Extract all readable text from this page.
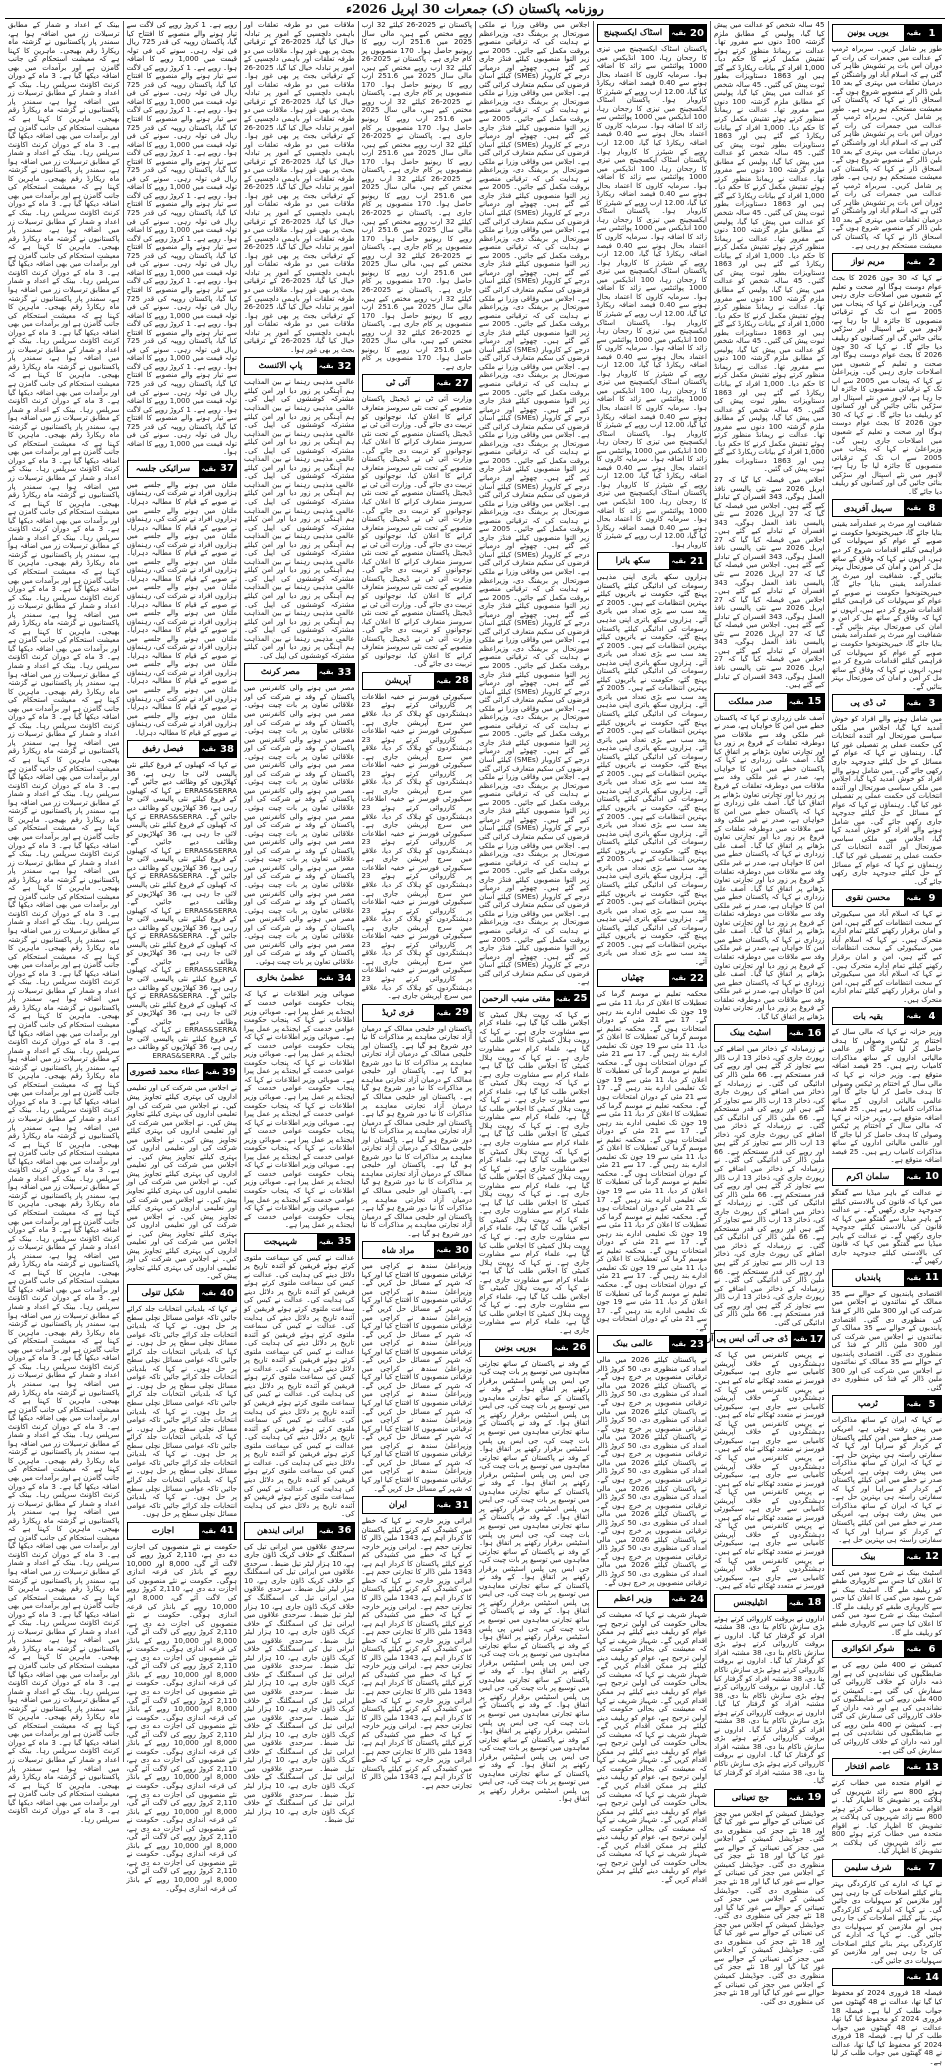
روزنامہ پاکستان (ک) جمعرات 30 اپریل 2026ء
1
بقیہ
یورپی یونین
طور پر شامل کریں۔ سربراہ ٹرمپ کے عدالت میں جمعرات کی رات کے دوران اس بات پر تشویش ظاہر کی گئی ہے کہ اسلام آباد اور واشنگٹن کے درمیان تعلقات میں بہتری کے بعد 10 بلین ڈالر کے منصوبے شروع ہوں گے۔ اسحاق ڈار نے کہا کہ پاکستان کی معیشت مستحکم ہو رہی ہے۔ طور پر شامل کریں۔ سربراہ ٹرمپ کے عدالت میں جمعرات کی رات کے دوران اس بات پر تشویش ظاہر کی گئی ہے کہ اسلام آباد اور واشنگٹن کے درمیان تعلقات میں بہتری کے بعد 10 بلین ڈالر کے منصوبے شروع ہوں گے۔ اسحاق ڈار نے کہا کہ پاکستان کی معیشت مستحکم ہو رہی ہے۔ طور پر شامل کریں۔ سربراہ ٹرمپ کے عدالت میں جمعرات کی رات کے دوران اس بات پر تشویش ظاہر کی گئی ہے کہ اسلام آباد اور واشنگٹن کے درمیان تعلقات میں بہتری کے بعد 10 بلین ڈالر کے منصوبے شروع ہوں گے۔ اسحاق ڈار نے کہا کہ پاکستان کی معیشت مستحکم ہو رہی ہے۔
2
بقیہ
مریم نواز
نے کہا کہ 30 جون 2026 کا بجٹ عوام دوست ہوگا اور صحت و تعلیم کے شعبوں میں اصلاحات جاری رہیں گی۔ وزیراعلیٰ نے کہا کہ پنجاب میں 2005 سے اب تک کے ترقیاتی منصوبوں کا جائزہ لیا جا رہا ہے، لاہور میں نئے اسپتال اور سڑکیں بنائی جائیں گی اور کسانوں کو ریلیف دیا جائے گا۔ نے کہا کہ 30 جون 2026 کا بجٹ عوام دوست ہوگا اور صحت و تعلیم کے شعبوں میں اصلاحات جاری رہیں گی۔ وزیراعلیٰ نے کہا کہ پنجاب میں 2005 سے اب تک کے ترقیاتی منصوبوں کا جائزہ لیا جا رہا ہے، لاہور میں نئے اسپتال اور سڑکیں بنائی جائیں گی اور کسانوں کو ریلیف دیا جائے گا۔ نے کہا کہ 30 جون 2026 کا بجٹ عوام دوست ہوگا اور صحت و تعلیم کے شعبوں میں اصلاحات جاری رہیں گی۔ وزیراعلیٰ نے کہا کہ پنجاب میں 2005 سے اب تک کے ترقیاتی منصوبوں کا جائزہ لیا جا رہا ہے، لاہور میں نئے اسپتال اور سڑکیں بنائی جائیں گی اور کسانوں کو ریلیف دیا جائے گا۔
8
بقیہ
سہیل آفریدی
شفافیت اور میرٹ پر عملدرآمد یقینی بنایا جائے گا، خیبرپختونخوا حکومت نے صوبے کے عوام کو سہولیات کی فراہمی کیلئے اقدامات شروع کر دیے ہیں، انہوں نے کہا کہ وفاق کے ساتھ مل کر امن و امان کی صورتحال بہتر بنائیں گے۔ شفافیت اور میرٹ پر عملدرآمد یقینی بنایا جائے گا، خیبرپختونخوا حکومت نے صوبے کے عوام کو سہولیات کی فراہمی کیلئے اقدامات شروع کر دیے ہیں، انہوں نے کہا کہ وفاق کے ساتھ مل کر امن و امان کی صورتحال بہتر بنائیں گے۔ شفافیت اور میرٹ پر عملدرآمد یقینی بنایا جائے گا، خیبرپختونخوا حکومت نے صوبے کے عوام کو سہولیات کی فراہمی کیلئے اقدامات شروع کر دیے ہیں، انہوں نے کہا کہ وفاق کے ساتھ مل کر امن و امان کی صورتحال بہتر بنائیں گے۔
3
بقیہ
ٹی ڈی پی
میں شامل ہونے والے افراد کو خوش آمدید کہا گیا، اجلاس میں ملکی سیاسی صورتحال اور آئندہ انتخابات کی حکمت عملی پر تفصیلی غور کیا گیا۔ رہنماؤں نے کہا کہ عوام کے مسائل کے حل کیلئے جدوجہد جاری رکھی جائے گی۔ میں شامل ہونے والے افراد کو خوش آمدید کہا گیا، اجلاس میں ملکی سیاسی صورتحال اور آئندہ انتخابات کی حکمت عملی پر تفصیلی غور کیا گیا۔ رہنماؤں نے کہا کہ عوام کے مسائل کے حل کیلئے جدوجہد جاری رکھی جائے گی۔ میں شامل ہونے والے افراد کو خوش آمدید کہا گیا، اجلاس میں ملکی سیاسی صورتحال اور آئندہ انتخابات کی حکمت عملی پر تفصیلی غور کیا گیا۔ رہنماؤں نے کہا کہ عوام کے مسائل کے حل کیلئے جدوجہد جاری رکھی جائے گی۔
9
بقیہ
محسن نقوی
نے کہا کہ اسلام آباد میں سیکیورٹی کے سخت انتظامات کیے گئے ہیں، امن و امان برقرار رکھنے کیلئے تمام ادارے متحرک ہیں۔ نے کہا کہ اسلام آباد میں سیکیورٹی کے سخت انتظامات کیے گئے ہیں، امن و امان برقرار رکھنے کیلئے تمام ادارے متحرک ہیں۔ نے کہا کہ اسلام آباد میں سیکیورٹی کے سخت انتظامات کیے گئے ہیں، امن و امان برقرار رکھنے کیلئے تمام ادارے متحرک ہیں۔
4
بقیہ
بقیہ بات
وزیر خزانہ نے کہا کہ مالی سال کے اختتام پر ٹیکس وصولی کا ہدف حاصل کر لیا جائے گا اور عالمی مالیاتی اداروں کے ساتھ مذاکرات کامیاب رہے ہیں۔ 25 فیصد اضافہ متوقع ہے۔ وزیر خزانہ نے کہا کہ مالی سال کے اختتام پر ٹیکس وصولی کا ہدف حاصل کر لیا جائے گا اور عالمی مالیاتی اداروں کے ساتھ مذاکرات کامیاب رہے ہیں۔ 25 فیصد اضافہ متوقع ہے۔ وزیر خزانہ نے کہا کہ مالی سال کے اختتام پر ٹیکس وصولی کا ہدف حاصل کر لیا جائے گا اور عالمی مالیاتی اداروں کے ساتھ مذاکرات کامیاب رہے ہیں۔ 25 فیصد اضافہ متوقع ہے۔
10
بقیہ
سلمان اکرم
نے عدالت کے باہر میڈیا سے گفتگو میں کہا کہ قانون کی بالادستی کیلئے جدوجہد جاری رکھیں گے۔ نے عدالت کے باہر میڈیا سے گفتگو میں کہا کہ قانون کی بالادستی کیلئے جدوجہد جاری رکھیں گے۔ نے عدالت کے باہر میڈیا سے گفتگو میں کہا کہ قانون کی بالادستی کیلئے جدوجہد جاری رکھیں گے۔
11
بقیہ
پابندیاں
اقتصادی پابندیوں کے حوالے سے 35 ممالک کے نمائندوں نے اجلاس میں شرکت کی اور 300 ملین ڈالر کے فنڈ کی منظوری دی گئی۔ اقتصادی پابندیوں کے حوالے سے 35 ممالک کے نمائندوں نے اجلاس میں شرکت کی اور 300 ملین ڈالر کے فنڈ کی منظوری دی گئی۔ اقتصادی پابندیوں کے حوالے سے 35 ممالک کے نمائندوں نے اجلاس میں شرکت کی اور 300 ملین ڈالر کے فنڈ کی منظوری دی گئی۔
5
بقیہ
ٹرمپ
نے کہا کہ ایران کے ساتھ مذاکرات میں پیش رفت ہوئی ہے، امریکی صدر نے خطے میں امن کیلئے پاکستان کے کردار کو سراہا اور کہا کہ سفارتی راستہ ہی بہترین حل ہے۔ نے کہا کہ ایران کے ساتھ مذاکرات میں پیش رفت ہوئی ہے، امریکی صدر نے خطے میں امن کیلئے پاکستان کے کردار کو سراہا اور کہا کہ سفارتی راستہ ہی بہترین حل ہے۔ نے کہا کہ ایران کے ساتھ مذاکرات میں پیش رفت ہوئی ہے، امریکی صدر نے خطے میں امن کیلئے پاکستان کے کردار کو سراہا اور کہا کہ سفارتی راستہ ہی بہترین حل ہے۔
12
بقیہ
بینک
اسٹیٹ بینک نے شرح سود میں کمی کا اعلان کیا جس سے کاروباری طبقے کو ریلیف ملے گا۔ اسٹیٹ بینک نے شرح سود میں کمی کا اعلان کیا جس سے کاروباری طبقے کو ریلیف ملے گا۔ اسٹیٹ بینک نے شرح سود میں کمی کا اعلان کیا جس سے کاروباری طبقے کو ریلیف ملے گا۔
6
بقیہ
شوگر انکوائری
کمیشن نے 400 ملین روپے کی بے ضابطگیوں کی نشاندہی کی ہے اور ذمہ داران کے خلاف کارروائی کی سفارش کی گئی ہے۔ کمیشن نے 400 ملین روپے کی بے ضابطگیوں کی نشاندہی کی ہے اور ذمہ داران کے خلاف کارروائی کی سفارش کی گئی ہے۔ کمیشن نے 400 ملین روپے کی بے ضابطگیوں کی نشاندہی کی ہے اور ذمہ داران کے خلاف کارروائی کی سفارش کی گئی ہے۔
13
بقیہ
عاصم افتخار
نے اقوام متحدہ میں خطاب کرتے ہوئے 800 سے زائد شہریوں کی ہلاکت پر تشویش کا اظہار کیا۔ نے اقوام متحدہ میں خطاب کرتے ہوئے 800 سے زائد شہریوں کی ہلاکت پر تشویش کا اظہار کیا۔ نے اقوام متحدہ میں خطاب کرتے ہوئے 800 سے زائد شہریوں کی ہلاکت پر تشویش کا اظہار کیا۔
7
بقیہ
شرف سلیمن
نے کہا کہ ادارے کی کارکردگی بہتر بنانے کیلئے اصلاحات کی جا رہی ہیں اور ملازمین کو سہولیات دی جائیں گی۔ نے کہا کہ ادارے کی کارکردگی بہتر بنانے کیلئے اصلاحات کی جا رہی ہیں اور ملازمین کو سہولیات دی جائیں گی۔ نے کہا کہ ادارے کی کارکردگی بہتر بنانے کیلئے اصلاحات کی جا رہی ہیں اور ملازمین کو سہولیات دی جائیں گی۔
14
بقیہ
فیصلہ 18 فروری 2024 کو محفوظ کیا گیا تھا، عدالت نے 48 گھنٹوں میں جواب طلب کر لیا ہے۔ فیصلہ 18 فروری 2024 کو محفوظ کیا گیا تھا، عدالت نے 48 گھنٹوں میں جواب طلب کر لیا ہے۔ فیصلہ 18 فروری 2024 کو محفوظ کیا گیا تھا، عدالت نے 48 گھنٹوں میں جواب طلب کر لیا ہے۔
45 سالہ شخص کو عدالت میں پیش کیا گیا، پولیس کے مطابق ملزم گزشتہ 100 دنوں سے مفرور تھا۔ عدالت نے ریمانڈ منظور کرتے ہوئے تفتیش مکمل کرنے کا حکم دیا۔ 1,000 افراد کے بیانات ریکارڈ کیے گئے ہیں اور 1863 دستاویزات بطور ثبوت پیش کی گئیں۔ 45 سالہ شخص کو عدالت میں پیش کیا گیا، پولیس کے مطابق ملزم گزشتہ 100 دنوں سے مفرور تھا۔ عدالت نے ریمانڈ منظور کرتے ہوئے تفتیش مکمل کرنے کا حکم دیا۔ 1,000 افراد کے بیانات ریکارڈ کیے گئے ہیں اور 1863 دستاویزات بطور ثبوت پیش کی گئیں۔ 45 سالہ شخص کو عدالت میں پیش کیا گیا، پولیس کے مطابق ملزم گزشتہ 100 دنوں سے مفرور تھا۔ عدالت نے ریمانڈ منظور کرتے ہوئے تفتیش مکمل کرنے کا حکم دیا۔ 1,000 افراد کے بیانات ریکارڈ کیے گئے ہیں اور 1863 دستاویزات بطور ثبوت پیش کی گئیں۔ 45 سالہ شخص کو عدالت میں پیش کیا گیا، پولیس کے مطابق ملزم گزشتہ 100 دنوں سے مفرور تھا۔ عدالت نے ریمانڈ منظور کرتے ہوئے تفتیش مکمل کرنے کا حکم دیا۔ 1,000 افراد کے بیانات ریکارڈ کیے گئے ہیں اور 1863 دستاویزات بطور ثبوت پیش کی گئیں۔ 45 سالہ شخص کو عدالت میں پیش کیا گیا، پولیس کے مطابق ملزم گزشتہ 100 دنوں سے مفرور تھا۔ عدالت نے ریمانڈ منظور کرتے ہوئے تفتیش مکمل کرنے کا حکم دیا۔ 1,000 افراد کے بیانات ریکارڈ کیے گئے ہیں اور 1863 دستاویزات بطور ثبوت پیش کی گئیں۔ 45 سالہ شخص کو عدالت میں پیش کیا گیا، پولیس کے مطابق ملزم گزشتہ 100 دنوں سے مفرور تھا۔ عدالت نے ریمانڈ منظور کرتے ہوئے تفتیش مکمل کرنے کا حکم دیا۔ 1,000 افراد کے بیانات ریکارڈ کیے گئے ہیں اور 1863 دستاویزات بطور ثبوت پیش کی گئیں۔ 45 سالہ شخص کو عدالت میں پیش کیا گیا، پولیس کے مطابق ملزم گزشتہ 100 دنوں سے مفرور تھا۔ عدالت نے ریمانڈ منظور کرتے ہوئے تفتیش مکمل کرنے کا حکم دیا۔ 1,000 افراد کے بیانات ریکارڈ کیے گئے ہیں اور 1863 دستاویزات بطور ثبوت پیش کی گئیں۔
اجلاس میں فیصلہ کیا گیا کہ 27 اپریل 2026 سے نئی پالیسی نافذ العمل ہوگی، 343 افسران کے تبادلے کیے گئے ہیں۔ اجلاس میں فیصلہ کیا گیا کہ 27 اپریل 2026 سے نئی پالیسی نافذ العمل ہوگی، 343 افسران کے تبادلے کیے گئے ہیں۔ اجلاس میں فیصلہ کیا گیا کہ 27 اپریل 2026 سے نئی پالیسی نافذ العمل ہوگی، 343 افسران کے تبادلے کیے گئے ہیں۔ اجلاس میں فیصلہ کیا گیا کہ 27 اپریل 2026 سے نئی پالیسی نافذ العمل ہوگی، 343 افسران کے تبادلے کیے گئے ہیں۔ اجلاس میں فیصلہ کیا گیا کہ 27 اپریل 2026 سے نئی پالیسی نافذ العمل ہوگی، 343 افسران کے تبادلے کیے گئے ہیں۔ اجلاس میں فیصلہ کیا گیا کہ 27 اپریل 2026 سے نئی پالیسی نافذ العمل ہوگی، 343 افسران کے تبادلے کیے گئے ہیں۔ اجلاس میں فیصلہ کیا گیا کہ 27 اپریل 2026 سے نئی پالیسی نافذ العمل ہوگی، 343 افسران کے تبادلے کیے گئے ہیں۔
15
بقیہ
صدر مملکت
آصف علی زرداری نے کہا کہ پاکستان خطے میں امن کا خواہاں ہے، صدر نے غیر ملکی وفد سے ملاقات میں دوطرفہ تعلقات کے فروغ پر زور دیا اور تجارتی تعاون بڑھانے پر اتفاق کیا گیا۔ آصف علی زرداری نے کہا کہ پاکستان خطے میں امن کا خواہاں ہے، صدر نے غیر ملکی وفد سے ملاقات میں دوطرفہ تعلقات کے فروغ پر زور دیا اور تجارتی تعاون بڑھانے پر اتفاق کیا گیا۔ آصف علی زرداری نے کہا کہ پاکستان خطے میں امن کا خواہاں ہے، صدر نے غیر ملکی وفد سے ملاقات میں دوطرفہ تعلقات کے فروغ پر زور دیا اور تجارتی تعاون بڑھانے پر اتفاق کیا گیا۔ آصف علی زرداری نے کہا کہ پاکستان خطے میں امن کا خواہاں ہے، صدر نے غیر ملکی وفد سے ملاقات میں دوطرفہ تعلقات کے فروغ پر زور دیا اور تجارتی تعاون بڑھانے پر اتفاق کیا گیا۔ آصف علی زرداری نے کہا کہ پاکستان خطے میں امن کا خواہاں ہے، صدر نے غیر ملکی وفد سے ملاقات میں دوطرفہ تعلقات کے فروغ پر زور دیا اور تجارتی تعاون بڑھانے پر اتفاق کیا گیا۔ آصف علی زرداری نے کہا کہ پاکستان خطے میں امن کا خواہاں ہے، صدر نے غیر ملکی وفد سے ملاقات میں دوطرفہ تعلقات کے فروغ پر زور دیا اور تجارتی تعاون بڑھانے پر اتفاق کیا گیا۔ آصف علی زرداری نے کہا کہ پاکستان خطے میں امن کا خواہاں ہے، صدر نے غیر ملکی وفد سے ملاقات میں دوطرفہ تعلقات کے فروغ پر زور دیا اور تجارتی تعاون بڑھانے پر اتفاق کیا گیا۔
16
بقیہ
اسٹیٹ بینک
نے زرمبادلہ کے ذخائر میں اضافے کی رپورٹ جاری کی، ذخائر 13 ارب ڈالر سے تجاوز کر گئے ہیں اور روپے کی قدر مستحکم ہے۔ 66 ملین ڈالر کی ادائیگی کی گئی۔ نے زرمبادلہ کے ذخائر میں اضافے کی رپورٹ جاری کی، ذخائر 13 ارب ڈالر سے تجاوز کر گئے ہیں اور روپے کی قدر مستحکم ہے۔ 66 ملین ڈالر کی ادائیگی کی گئی۔ نے زرمبادلہ کے ذخائر میں اضافے کی رپورٹ جاری کی، ذخائر 13 ارب ڈالر سے تجاوز کر گئے ہیں اور روپے کی قدر مستحکم ہے۔ 66 ملین ڈالر کی ادائیگی کی گئی۔ نے زرمبادلہ کے ذخائر میں اضافے کی رپورٹ جاری کی، ذخائر 13 ارب ڈالر سے تجاوز کر گئے ہیں اور روپے کی قدر مستحکم ہے۔ 66 ملین ڈالر کی ادائیگی کی گئی۔ نے زرمبادلہ کے ذخائر میں اضافے کی رپورٹ جاری کی، ذخائر 13 ارب ڈالر سے تجاوز کر گئے ہیں اور روپے کی قدر مستحکم ہے۔ 66 ملین ڈالر کی ادائیگی کی گئی۔ نے زرمبادلہ کے ذخائر میں اضافے کی رپورٹ جاری کی، ذخائر 13 ارب ڈالر سے تجاوز کر گئے ہیں اور روپے کی قدر مستحکم ہے۔ 66 ملین ڈالر کی ادائیگی کی گئی۔ نے زرمبادلہ کے ذخائر میں اضافے کی رپورٹ جاری کی، ذخائر 13 ارب ڈالر سے تجاوز کر گئے ہیں اور روپے کی قدر مستحکم ہے۔ 66 ملین ڈالر کی ادائیگی کی گئی۔
17
بقیہ
ڈی جی آئی ایس پی آر
نے پریس کانفرنس میں کہا کہ دہشتگردوں کے خلاف آپریشن کامیابی سے جاری ہے، سیکیورٹی فورسز نے متعدد ٹھکانے تباہ کیے ہیں۔ نے پریس کانفرنس میں کہا کہ دہشتگردوں کے خلاف آپریشن کامیابی سے جاری ہے، سیکیورٹی فورسز نے متعدد ٹھکانے تباہ کیے ہیں۔ نے پریس کانفرنس میں کہا کہ دہشتگردوں کے خلاف آپریشن کامیابی سے جاری ہے، سیکیورٹی فورسز نے متعدد ٹھکانے تباہ کیے ہیں۔ نے پریس کانفرنس میں کہا کہ دہشتگردوں کے خلاف آپریشن کامیابی سے جاری ہے، سیکیورٹی فورسز نے متعدد ٹھکانے تباہ کیے ہیں۔ نے پریس کانفرنس میں کہا کہ دہشتگردوں کے خلاف آپریشن کامیابی سے جاری ہے، سیکیورٹی فورسز نے متعدد ٹھکانے تباہ کیے ہیں۔ نے پریس کانفرنس میں کہا کہ دہشتگردوں کے خلاف آپریشن کامیابی سے جاری ہے، سیکیورٹی فورسز نے متعدد ٹھکانے تباہ کیے ہیں۔ نے پریس کانفرنس میں کہا کہ دہشتگردوں کے خلاف آپریشن کامیابی سے جاری ہے، سیکیورٹی فورسز نے متعدد ٹھکانے تباہ کیے ہیں۔
18
بقیہ
انٹیلیجنس
اداروں نے بروقت کارروائی کرتے ہوئے بڑی سازش ناکام بنا دی، 38 مشتبہ افراد کو گرفتار کیا گیا۔ اداروں نے بروقت کارروائی کرتے ہوئے بڑی سازش ناکام بنا دی، 38 مشتبہ افراد کو گرفتار کیا گیا۔ اداروں نے بروقت کارروائی کرتے ہوئے بڑی سازش ناکام بنا دی، 38 مشتبہ افراد کو گرفتار کیا گیا۔ اداروں نے بروقت کارروائی کرتے ہوئے بڑی سازش ناکام بنا دی، 38 مشتبہ افراد کو گرفتار کیا گیا۔ اداروں نے بروقت کارروائی کرتے ہوئے بڑی سازش ناکام بنا دی، 38 مشتبہ افراد کو گرفتار کیا گیا۔ اداروں نے بروقت کارروائی کرتے ہوئے بڑی سازش ناکام بنا دی، 38 مشتبہ افراد کو گرفتار کیا گیا۔ اداروں نے بروقت کارروائی کرتے ہوئے بڑی سازش ناکام بنا دی، 38 مشتبہ افراد کو گرفتار کیا گیا۔
19
بقیہ
جج تعیناتی
جوڈیشل کمیشن کے اجلاس میں ججز کی تعیناتی کے حوالے سے غور کیا گیا اور 18 نئے ججز کی منظوری دی گئی۔ جوڈیشل کمیشن کے اجلاس میں ججز کی تعیناتی کے حوالے سے غور کیا گیا اور 18 نئے ججز کی منظوری دی گئی۔ جوڈیشل کمیشن کے اجلاس میں ججز کی تعیناتی کے حوالے سے غور کیا گیا اور 18 نئے ججز کی منظوری دی گئی۔ جوڈیشل کمیشن کے اجلاس میں ججز کی تعیناتی کے حوالے سے غور کیا گیا اور 18 نئے ججز کی منظوری دی گئی۔ جوڈیشل کمیشن کے اجلاس میں ججز کی تعیناتی کے حوالے سے غور کیا گیا اور 18 نئے ججز کی منظوری دی گئی۔ جوڈیشل کمیشن کے اجلاس میں ججز کی تعیناتی کے حوالے سے غور کیا گیا اور 18 نئے ججز کی منظوری دی گئی۔ جوڈیشل کمیشن کے اجلاس میں ججز کی تعیناتی کے حوالے سے غور کیا گیا اور 18 نئے ججز کی منظوری دی گئی۔
20
بقیہ
اسٹاک ایکسچینج
پاکستان اسٹاک ایکسچینج میں تیزی کا رجحان رہا، 100 انڈیکس میں 1000 پوائنٹس سے زائد کا اضافہ ہوا۔ سرمایہ کاروں کا اعتماد بحال ہونے سے 0.40 فیصد اضافہ ریکارڈ کیا گیا، 12.00 ارب روپے کے شیئرز کا کاروبار ہوا۔ پاکستان اسٹاک ایکسچینج میں تیزی کا رجحان رہا، 100 انڈیکس میں 1000 پوائنٹس سے زائد کا اضافہ ہوا۔ سرمایہ کاروں کا اعتماد بحال ہونے سے 0.40 فیصد اضافہ ریکارڈ کیا گیا، 12.00 ارب روپے کے شیئرز کا کاروبار ہوا۔ پاکستان اسٹاک ایکسچینج میں تیزی کا رجحان رہا، 100 انڈیکس میں 1000 پوائنٹس سے زائد کا اضافہ ہوا۔ سرمایہ کاروں کا اعتماد بحال ہونے سے 0.40 فیصد اضافہ ریکارڈ کیا گیا، 12.00 ارب روپے کے شیئرز کا کاروبار ہوا۔ پاکستان اسٹاک ایکسچینج میں تیزی کا رجحان رہا، 100 انڈیکس میں 1000 پوائنٹس سے زائد کا اضافہ ہوا۔ سرمایہ کاروں کا اعتماد بحال ہونے سے 0.40 فیصد اضافہ ریکارڈ کیا گیا، 12.00 ارب روپے کے شیئرز کا کاروبار ہوا۔ پاکستان اسٹاک ایکسچینج میں تیزی کا رجحان رہا، 100 انڈیکس میں 1000 پوائنٹس سے زائد کا اضافہ ہوا۔ سرمایہ کاروں کا اعتماد بحال ہونے سے 0.40 فیصد اضافہ ریکارڈ کیا گیا، 12.00 ارب روپے کے شیئرز کا کاروبار ہوا۔ پاکستان اسٹاک ایکسچینج میں تیزی کا رجحان رہا، 100 انڈیکس میں 1000 پوائنٹس سے زائد کا اضافہ ہوا۔ سرمایہ کاروں کا اعتماد بحال ہونے سے 0.40 فیصد اضافہ ریکارڈ کیا گیا، 12.00 ارب روپے کے شیئرز کا کاروبار ہوا۔ پاکستان اسٹاک ایکسچینج میں تیزی کا رجحان رہا، 100 انڈیکس میں 1000 پوائنٹس سے زائد کا اضافہ ہوا۔ سرمایہ کاروں کا اعتماد بحال ہونے سے 0.40 فیصد اضافہ ریکارڈ کیا گیا، 12.00 ارب روپے کے شیئرز کا کاروبار ہوا۔ پاکستان اسٹاک ایکسچینج میں تیزی کا رجحان رہا، 100 انڈیکس میں 1000 پوائنٹس سے زائد کا اضافہ ہوا۔ سرمایہ کاروں کا اعتماد بحال ہونے سے 0.40 فیصد اضافہ ریکارڈ کیا گیا، 12.00 ارب روپے کے شیئرز کا کاروبار ہوا۔ پاکستان اسٹاک ایکسچینج میں تیزی کا رجحان رہا، 100 انڈیکس میں 1000 پوائنٹس سے زائد کا اضافہ ہوا۔ سرمایہ کاروں کا اعتماد بحال ہونے سے 0.40 فیصد اضافہ ریکارڈ کیا گیا، 12.00 ارب روپے کے شیئرز کا کاروبار ہوا۔
21
بقیہ
سکھ یاترا
ہزاروں سکھ یاتری اپنی مذہبی رسومات کی ادائیگی کیلئے پاکستان پہنچ گئے، حکومت نے یاتریوں کیلئے بہترین انتظامات کیے ہیں۔ 2005 کے بعد سب سے بڑی تعداد میں یاتری آئے۔ ہزاروں سکھ یاتری اپنی مذہبی رسومات کی ادائیگی کیلئے پاکستان پہنچ گئے، حکومت نے یاتریوں کیلئے بہترین انتظامات کیے ہیں۔ 2005 کے بعد سب سے بڑی تعداد میں یاتری آئے۔ ہزاروں سکھ یاتری اپنی مذہبی رسومات کی ادائیگی کیلئے پاکستان پہنچ گئے، حکومت نے یاتریوں کیلئے بہترین انتظامات کیے ہیں۔ 2005 کے بعد سب سے بڑی تعداد میں یاتری آئے۔ ہزاروں سکھ یاتری اپنی مذہبی رسومات کی ادائیگی کیلئے پاکستان پہنچ گئے، حکومت نے یاتریوں کیلئے بہترین انتظامات کیے ہیں۔ 2005 کے بعد سب سے بڑی تعداد میں یاتری آئے۔ ہزاروں سکھ یاتری اپنی مذہبی رسومات کی ادائیگی کیلئے پاکستان پہنچ گئے، حکومت نے یاتریوں کیلئے بہترین انتظامات کیے ہیں۔ 2005 کے بعد سب سے بڑی تعداد میں یاتری آئے۔ ہزاروں سکھ یاتری اپنی مذہبی رسومات کی ادائیگی کیلئے پاکستان پہنچ گئے، حکومت نے یاتریوں کیلئے بہترین انتظامات کیے ہیں۔ 2005 کے بعد سب سے بڑی تعداد میں یاتری آئے۔ ہزاروں سکھ یاتری اپنی مذہبی رسومات کی ادائیگی کیلئے پاکستان پہنچ گئے، حکومت نے یاتریوں کیلئے بہترین انتظامات کیے ہیں۔ 2005 کے بعد سب سے بڑی تعداد میں یاتری آئے۔ ہزاروں سکھ یاتری اپنی مذہبی رسومات کی ادائیگی کیلئے پاکستان پہنچ گئے، حکومت نے یاتریوں کیلئے بہترین انتظامات کیے ہیں۔ 2005 کے بعد سب سے بڑی تعداد میں یاتری آئے۔ ہزاروں سکھ یاتری اپنی مذہبی رسومات کی ادائیگی کیلئے پاکستان پہنچ گئے، حکومت نے یاتریوں کیلئے بہترین انتظامات کیے ہیں۔ 2005 کے بعد سب سے بڑی تعداد میں یاتری آئے۔
22
بقیہ
چھٹیاں
محکمہ تعلیم نے موسم گرما کی تعطیلات کا اعلان کر دیا، 11 مئی سے 19 جون تک تعلیمی ادارے بند رہیں گے۔ 17 سے 21 مئی کے دوران امتحانات ہوں گے۔ محکمہ تعلیم نے موسم گرما کی تعطیلات کا اعلان کر دیا، 11 مئی سے 19 جون تک تعلیمی ادارے بند رہیں گے۔ 17 سے 21 مئی کے دوران امتحانات ہوں گے۔ محکمہ تعلیم نے موسم گرما کی تعطیلات کا اعلان کر دیا، 11 مئی سے 19 جون تک تعلیمی ادارے بند رہیں گے۔ 17 سے 21 مئی کے دوران امتحانات ہوں گے۔ محکمہ تعلیم نے موسم گرما کی تعطیلات کا اعلان کر دیا، 11 مئی سے 19 جون تک تعلیمی ادارے بند رہیں گے۔ 17 سے 21 مئی کے دوران امتحانات ہوں گے۔ محکمہ تعلیم نے موسم گرما کی تعطیلات کا اعلان کر دیا، 11 مئی سے 19 جون تک تعلیمی ادارے بند رہیں گے۔ 17 سے 21 مئی کے دوران امتحانات ہوں گے۔ محکمہ تعلیم نے موسم گرما کی تعطیلات کا اعلان کر دیا، 11 مئی سے 19 جون تک تعلیمی ادارے بند رہیں گے۔ 17 سے 21 مئی کے دوران امتحانات ہوں گے۔ محکمہ تعلیم نے موسم گرما کی تعطیلات کا اعلان کر دیا، 11 مئی سے 19 جون تک تعلیمی ادارے بند رہیں گے۔ 17 سے 21 مئی کے دوران امتحانات ہوں گے۔ محکمہ تعلیم نے موسم گرما کی تعطیلات کا اعلان کر دیا، 11 مئی سے 19 جون تک تعلیمی ادارے بند رہیں گے۔ 17 سے 21 مئی کے دوران امتحانات ہوں گے۔ محکمہ تعلیم نے موسم گرما کی تعطیلات کا اعلان کر دیا، 11 مئی سے 19 جون تک تعلیمی ادارے بند رہیں گے۔ 17 سے 21 مئی کے دوران امتحانات ہوں گے۔
23
بقیہ
عالمی بینک
نے پاکستان کیلئے 2026 میں مالی امداد کی منظوری دی، 50 کروڑ ڈالر ترقیاتی منصوبوں پر خرچ ہوں گے۔ نے پاکستان کیلئے 2026 میں مالی امداد کی منظوری دی، 50 کروڑ ڈالر ترقیاتی منصوبوں پر خرچ ہوں گے۔ نے پاکستان کیلئے 2026 میں مالی امداد کی منظوری دی، 50 کروڑ ڈالر ترقیاتی منصوبوں پر خرچ ہوں گے۔ نے پاکستان کیلئے 2026 میں مالی امداد کی منظوری دی، 50 کروڑ ڈالر ترقیاتی منصوبوں پر خرچ ہوں گے۔ نے پاکستان کیلئے 2026 میں مالی امداد کی منظوری دی، 50 کروڑ ڈالر ترقیاتی منصوبوں پر خرچ ہوں گے۔ نے پاکستان کیلئے 2026 میں مالی امداد کی منظوری دی، 50 کروڑ ڈالر ترقیاتی منصوبوں پر خرچ ہوں گے۔ نے پاکستان کیلئے 2026 میں مالی امداد کی منظوری دی، 50 کروڑ ڈالر ترقیاتی منصوبوں پر خرچ ہوں گے۔ نے پاکستان کیلئے 2026 میں مالی امداد کی منظوری دی، 50 کروڑ ڈالر ترقیاتی منصوبوں پر خرچ ہوں گے۔ نے پاکستان کیلئے 2026 میں مالی امداد کی منظوری دی، 50 کروڑ ڈالر ترقیاتی منصوبوں پر خرچ ہوں گے۔
24
بقیہ
وزیر اعظم
شہباز شریف نے کہا کہ معیشت کی بحالی حکومت کی اولین ترجیح ہے، عوام کو ریلیف دینے کیلئے ہر ممکن اقدام کریں گے۔ شہباز شریف نے کہا کہ معیشت کی بحالی حکومت کی اولین ترجیح ہے، عوام کو ریلیف دینے کیلئے ہر ممکن اقدام کریں گے۔ شہباز شریف نے کہا کہ معیشت کی بحالی حکومت کی اولین ترجیح ہے، عوام کو ریلیف دینے کیلئے ہر ممکن اقدام کریں گے۔ شہباز شریف نے کہا کہ معیشت کی بحالی حکومت کی اولین ترجیح ہے، عوام کو ریلیف دینے کیلئے ہر ممکن اقدام کریں گے۔ شہباز شریف نے کہا کہ معیشت کی بحالی حکومت کی اولین ترجیح ہے، عوام کو ریلیف دینے کیلئے ہر ممکن اقدام کریں گے۔ شہباز شریف نے کہا کہ معیشت کی بحالی حکومت کی اولین ترجیح ہے، عوام کو ریلیف دینے کیلئے ہر ممکن اقدام کریں گے۔ شہباز شریف نے کہا کہ معیشت کی بحالی حکومت کی اولین ترجیح ہے، عوام کو ریلیف دینے کیلئے ہر ممکن اقدام کریں گے۔ شہباز شریف نے کہا کہ معیشت کی بحالی حکومت کی اولین ترجیح ہے، عوام کو ریلیف دینے کیلئے ہر ممکن اقدام کریں گے۔ شہباز شریف نے کہا کہ معیشت کی بحالی حکومت کی اولین ترجیح ہے، عوام کو ریلیف دینے کیلئے ہر ممکن اقدام کریں گے۔
اجلاس میں وفاقی وزرا نے ملکی صورتحال پر بریفنگ دی، وزیراعظم نے ہدایت کی کہ ترقیاتی منصوبے بروقت مکمل کیے جائیں۔ 2005 سے زیر التوا منصوبوں کیلئے فنڈز جاری کیے گئے ہیں۔ چھوٹے اور درمیانے درجے کے کاروبار (SMEs) کیلئے آسان قرضوں کی سکیم متعارف کرائی گئی ہے۔ اجلاس میں وفاقی وزرا نے ملکی صورتحال پر بریفنگ دی، وزیراعظم نے ہدایت کی کہ ترقیاتی منصوبے بروقت مکمل کیے جائیں۔ 2005 سے زیر التوا منصوبوں کیلئے فنڈز جاری کیے گئے ہیں۔ چھوٹے اور درمیانے درجے کے کاروبار (SMEs) کیلئے آسان قرضوں کی سکیم متعارف کرائی گئی ہے۔ اجلاس میں وفاقی وزرا نے ملکی صورتحال پر بریفنگ دی، وزیراعظم نے ہدایت کی کہ ترقیاتی منصوبے بروقت مکمل کیے جائیں۔ 2005 سے زیر التوا منصوبوں کیلئے فنڈز جاری کیے گئے ہیں۔ چھوٹے اور درمیانے درجے کے کاروبار (SMEs) کیلئے آسان قرضوں کی سکیم متعارف کرائی گئی ہے۔ اجلاس میں وفاقی وزرا نے ملکی صورتحال پر بریفنگ دی، وزیراعظم نے ہدایت کی کہ ترقیاتی منصوبے بروقت مکمل کیے جائیں۔ 2005 سے زیر التوا منصوبوں کیلئے فنڈز جاری کیے گئے ہیں۔ چھوٹے اور درمیانے درجے کے کاروبار (SMEs) کیلئے آسان قرضوں کی سکیم متعارف کرائی گئی ہے۔ اجلاس میں وفاقی وزرا نے ملکی صورتحال پر بریفنگ دی، وزیراعظم نے ہدایت کی کہ ترقیاتی منصوبے بروقت مکمل کیے جائیں۔ 2005 سے زیر التوا منصوبوں کیلئے فنڈز جاری کیے گئے ہیں۔ چھوٹے اور درمیانے درجے کے کاروبار (SMEs) کیلئے آسان قرضوں کی سکیم متعارف کرائی گئی ہے۔ اجلاس میں وفاقی وزرا نے ملکی صورتحال پر بریفنگ دی، وزیراعظم نے ہدایت کی کہ ترقیاتی منصوبے بروقت مکمل کیے جائیں۔ 2005 سے زیر التوا منصوبوں کیلئے فنڈز جاری کیے گئے ہیں۔ چھوٹے اور درمیانے درجے کے کاروبار (SMEs) کیلئے آسان قرضوں کی سکیم متعارف کرائی گئی ہے۔ اجلاس میں وفاقی وزرا نے ملکی صورتحال پر بریفنگ دی، وزیراعظم نے ہدایت کی کہ ترقیاتی منصوبے بروقت مکمل کیے جائیں۔ 2005 سے زیر التوا منصوبوں کیلئے فنڈز جاری کیے گئے ہیں۔ چھوٹے اور درمیانے درجے کے کاروبار (SMEs) کیلئے آسان قرضوں کی سکیم متعارف کرائی گئی ہے۔ اجلاس میں وفاقی وزرا نے ملکی صورتحال پر بریفنگ دی، وزیراعظم نے ہدایت کی کہ ترقیاتی منصوبے بروقت مکمل کیے جائیں۔ 2005 سے زیر التوا منصوبوں کیلئے فنڈز جاری کیے گئے ہیں۔ چھوٹے اور درمیانے درجے کے کاروبار (SMEs) کیلئے آسان قرضوں کی سکیم متعارف کرائی گئی ہے۔ اجلاس میں وفاقی وزرا نے ملکی صورتحال پر بریفنگ دی، وزیراعظم نے ہدایت کی کہ ترقیاتی منصوبے بروقت مکمل کیے جائیں۔ 2005 سے زیر التوا منصوبوں کیلئے فنڈز جاری کیے گئے ہیں۔ چھوٹے اور درمیانے درجے کے کاروبار (SMEs) کیلئے آسان قرضوں کی سکیم متعارف کرائی گئی ہے۔ اجلاس میں وفاقی وزرا نے ملکی صورتحال پر بریفنگ دی، وزیراعظم نے ہدایت کی کہ ترقیاتی منصوبے بروقت مکمل کیے جائیں۔ 2005 سے زیر التوا منصوبوں کیلئے فنڈز جاری کیے گئے ہیں۔ چھوٹے اور درمیانے درجے کے کاروبار (SMEs) کیلئے آسان قرضوں کی سکیم متعارف کرائی گئی ہے۔ اجلاس میں وفاقی وزرا نے ملکی صورتحال پر بریفنگ دی، وزیراعظم نے ہدایت کی کہ ترقیاتی منصوبے بروقت مکمل کیے جائیں۔ 2005 سے زیر التوا منصوبوں کیلئے فنڈز جاری کیے گئے ہیں۔ چھوٹے اور درمیانے درجے کے کاروبار (SMEs) کیلئے آسان قرضوں کی سکیم متعارف کرائی گئی ہے۔ اجلاس میں وفاقی وزرا نے ملکی صورتحال پر بریفنگ دی، وزیراعظم نے ہدایت کی کہ ترقیاتی منصوبے بروقت مکمل کیے جائیں۔ 2005 سے زیر التوا منصوبوں کیلئے فنڈز جاری کیے گئے ہیں۔ چھوٹے اور درمیانے درجے کے کاروبار (SMEs) کیلئے آسان قرضوں کی سکیم متعارف کرائی گئی ہے۔ اجلاس میں وفاقی وزرا نے ملکی صورتحال پر بریفنگ دی، وزیراعظم نے ہدایت کی کہ ترقیاتی منصوبے بروقت مکمل کیے جائیں۔ 2005 سے زیر التوا منصوبوں کیلئے فنڈز جاری کیے گئے ہیں۔ چھوٹے اور درمیانے درجے کے کاروبار (SMEs) کیلئے آسان قرضوں کی سکیم متعارف کرائی گئی ہے۔ اجلاس میں وفاقی وزرا نے ملکی صورتحال پر بریفنگ دی، وزیراعظم نے ہدایت کی کہ ترقیاتی منصوبے بروقت مکمل کیے جائیں۔ 2005 سے زیر التوا منصوبوں کیلئے فنڈز جاری کیے گئے ہیں۔ چھوٹے اور درمیانے درجے کے کاروبار (SMEs) کیلئے آسان قرضوں کی سکیم متعارف کرائی گئی ہے۔
25
بقیہ
مفتی منیب الرحمن
نے کہا کہ رویت ہلال کمیٹی کا اجلاس طلب کیا گیا ہے، علماء کرام سے مشاورت جاری ہے۔ نے کہا کہ رویت ہلال کمیٹی کا اجلاس طلب کیا گیا ہے، علماء کرام سے مشاورت جاری ہے۔ نے کہا کہ رویت ہلال کمیٹی کا اجلاس طلب کیا گیا ہے، علماء کرام سے مشاورت جاری ہے۔ نے کہا کہ رویت ہلال کمیٹی کا اجلاس طلب کیا گیا ہے، علماء کرام سے مشاورت جاری ہے۔ نے کہا کہ رویت ہلال کمیٹی کا اجلاس طلب کیا گیا ہے، علماء کرام سے مشاورت جاری ہے۔ نے کہا کہ رویت ہلال کمیٹی کا اجلاس طلب کیا گیا ہے، علماء کرام سے مشاورت جاری ہے۔ نے کہا کہ رویت ہلال کمیٹی کا اجلاس طلب کیا گیا ہے، علماء کرام سے مشاورت جاری ہے۔ نے کہا کہ رویت ہلال کمیٹی کا اجلاس طلب کیا گیا ہے، علماء کرام سے مشاورت جاری ہے۔ نے کہا کہ رویت ہلال کمیٹی کا اجلاس طلب کیا گیا ہے، علماء کرام سے مشاورت جاری ہے۔ نے کہا کہ رویت ہلال کمیٹی کا اجلاس طلب کیا گیا ہے، علماء کرام سے مشاورت جاری ہے۔ نے کہا کہ رویت ہلال کمیٹی کا اجلاس طلب کیا گیا ہے، علماء کرام سے مشاورت جاری ہے۔ نے کہا کہ رویت ہلال کمیٹی کا اجلاس طلب کیا گیا ہے، علماء کرام سے مشاورت جاری ہے۔ نے کہا کہ رویت ہلال کمیٹی کا اجلاس طلب کیا گیا ہے، علماء کرام سے مشاورت جاری ہے۔ نے کہا کہ رویت ہلال کمیٹی کا اجلاس طلب کیا گیا ہے، علماء کرام سے مشاورت جاری ہے۔
26
بقیہ
یورپی یونین
کے وفد نے پاکستان کے ساتھ تجارتی معاہدوں میں توسیع پر بات چیت کی، جی ایس پی پلس اسٹیٹس برقرار رکھنے پر اتفاق ہوا۔ کے وفد نے پاکستان کے ساتھ تجارتی معاہدوں میں توسیع پر بات چیت کی، جی ایس پی پلس اسٹیٹس برقرار رکھنے پر اتفاق ہوا۔ کے وفد نے پاکستان کے ساتھ تجارتی معاہدوں میں توسیع پر بات چیت کی، جی ایس پی پلس اسٹیٹس برقرار رکھنے پر اتفاق ہوا۔ کے وفد نے پاکستان کے ساتھ تجارتی معاہدوں میں توسیع پر بات چیت کی، جی ایس پی پلس اسٹیٹس برقرار رکھنے پر اتفاق ہوا۔ کے وفد نے پاکستان کے ساتھ تجارتی معاہدوں میں توسیع پر بات چیت کی، جی ایس پی پلس اسٹیٹس برقرار رکھنے پر اتفاق ہوا۔ کے وفد نے پاکستان کے ساتھ تجارتی معاہدوں میں توسیع پر بات چیت کی، جی ایس پی پلس اسٹیٹس برقرار رکھنے پر اتفاق ہوا۔ کے وفد نے پاکستان کے ساتھ تجارتی معاہدوں میں توسیع پر بات چیت کی، جی ایس پی پلس اسٹیٹس برقرار رکھنے پر اتفاق ہوا۔ کے وفد نے پاکستان کے ساتھ تجارتی معاہدوں میں توسیع پر بات چیت کی، جی ایس پی پلس اسٹیٹس برقرار رکھنے پر اتفاق ہوا۔ کے وفد نے پاکستان کے ساتھ تجارتی معاہدوں میں توسیع پر بات چیت کی، جی ایس پی پلس اسٹیٹس برقرار رکھنے پر اتفاق ہوا۔ کے وفد نے پاکستان کے ساتھ تجارتی معاہدوں میں توسیع پر بات چیت کی، جی ایس پی پلس اسٹیٹس برقرار رکھنے پر اتفاق ہوا۔ کے وفد نے پاکستان کے ساتھ تجارتی معاہدوں میں توسیع پر بات چیت کی، جی ایس پی پلس اسٹیٹس برقرار رکھنے پر اتفاق ہوا۔ کے وفد نے پاکستان کے ساتھ تجارتی معاہدوں میں توسیع پر بات چیت کی، جی ایس پی پلس اسٹیٹس برقرار رکھنے پر اتفاق ہوا۔ کے وفد نے پاکستان کے ساتھ تجارتی معاہدوں میں توسیع پر بات چیت کی، جی ایس پی پلس اسٹیٹس برقرار رکھنے پر اتفاق ہوا۔ کے وفد نے پاکستان کے ساتھ تجارتی معاہدوں میں توسیع پر بات چیت کی، جی ایس پی پلس اسٹیٹس برقرار رکھنے پر اتفاق ہوا۔
پاکستان نے 2025-26 کیلئے 32 ارب روپے مختص کیے ہیں، مالی سال 2025 میں 251.6 ارب روپے کا ریونیو حاصل ہوا۔ 170 منصوبوں پر کام جاری ہے۔ پاکستان نے 2025-26 کیلئے 32 ارب روپے مختص کیے ہیں، مالی سال 2025 میں 251.6 ارب روپے کا ریونیو حاصل ہوا۔ 170 منصوبوں پر کام جاری ہے۔ پاکستان نے 2025-26 کیلئے 32 ارب روپے مختص کیے ہیں، مالی سال 2025 میں 251.6 ارب روپے کا ریونیو حاصل ہوا۔ 170 منصوبوں پر کام جاری ہے۔ پاکستان نے 2025-26 کیلئے 32 ارب روپے مختص کیے ہیں، مالی سال 2025 میں 251.6 ارب روپے کا ریونیو حاصل ہوا۔ 170 منصوبوں پر کام جاری ہے۔ پاکستان نے 2025-26 کیلئے 32 ارب روپے مختص کیے ہیں، مالی سال 2025 میں 251.6 ارب روپے کا ریونیو حاصل ہوا۔ 170 منصوبوں پر کام جاری ہے۔ پاکستان نے 2025-26 کیلئے 32 ارب روپے مختص کیے ہیں، مالی سال 2025 میں 251.6 ارب روپے کا ریونیو حاصل ہوا۔ 170 منصوبوں پر کام جاری ہے۔ پاکستان نے 2025-26 کیلئے 32 ارب روپے مختص کیے ہیں، مالی سال 2025 میں 251.6 ارب روپے کا ریونیو حاصل ہوا۔ 170 منصوبوں پر کام جاری ہے۔ پاکستان نے 2025-26 کیلئے 32 ارب روپے مختص کیے ہیں، مالی سال 2025 میں 251.6 ارب روپے کا ریونیو حاصل ہوا۔ 170 منصوبوں پر کام جاری ہے۔ پاکستان نے 2025-26 کیلئے 32 ارب روپے مختص کیے ہیں، مالی سال 2025 میں 251.6 ارب روپے کا ریونیو حاصل ہوا۔ 170 منصوبوں پر کام جاری ہے۔
27
بقیہ
آئی ٹی
وزارت آئی ٹی نے ڈیجیٹل پاکستان منصوبے کے تحت نئی سروسز متعارف کرانے کا اعلان کیا، نوجوانوں کو تربیت دی جائے گی۔ وزارت آئی ٹی نے ڈیجیٹل پاکستان منصوبے کے تحت نئی سروسز متعارف کرانے کا اعلان کیا، نوجوانوں کو تربیت دی جائے گی۔ وزارت آئی ٹی نے ڈیجیٹل پاکستان منصوبے کے تحت نئی سروسز متعارف کرانے کا اعلان کیا، نوجوانوں کو تربیت دی جائے گی۔ وزارت آئی ٹی نے ڈیجیٹل پاکستان منصوبے کے تحت نئی سروسز متعارف کرانے کا اعلان کیا، نوجوانوں کو تربیت دی جائے گی۔ وزارت آئی ٹی نے ڈیجیٹل پاکستان منصوبے کے تحت نئی سروسز متعارف کرانے کا اعلان کیا، نوجوانوں کو تربیت دی جائے گی۔ وزارت آئی ٹی نے ڈیجیٹل پاکستان منصوبے کے تحت نئی سروسز متعارف کرانے کا اعلان کیا، نوجوانوں کو تربیت دی جائے گی۔ وزارت آئی ٹی نے ڈیجیٹل پاکستان منصوبے کے تحت نئی سروسز متعارف کرانے کا اعلان کیا، نوجوانوں کو تربیت دی جائے گی۔ وزارت آئی ٹی نے ڈیجیٹل پاکستان منصوبے کے تحت نئی سروسز متعارف کرانے کا اعلان کیا، نوجوانوں کو تربیت دی جائے گی۔ وزارت آئی ٹی نے ڈیجیٹل پاکستان منصوبے کے تحت نئی سروسز متعارف کرانے کا اعلان کیا، نوجوانوں کو تربیت دی جائے گی۔
28
بقیہ
آپریشن
سیکیورٹی فورسز نے خفیہ اطلاعات پر کارروائی کرتے ہوئے 23 دہشتگردوں کو ہلاک کر دیا، علاقے میں سرچ آپریشن جاری ہے۔ سیکیورٹی فورسز نے خفیہ اطلاعات پر کارروائی کرتے ہوئے 23 دہشتگردوں کو ہلاک کر دیا، علاقے میں سرچ آپریشن جاری ہے۔ سیکیورٹی فورسز نے خفیہ اطلاعات پر کارروائی کرتے ہوئے 23 دہشتگردوں کو ہلاک کر دیا، علاقے میں سرچ آپریشن جاری ہے۔ سیکیورٹی فورسز نے خفیہ اطلاعات پر کارروائی کرتے ہوئے 23 دہشتگردوں کو ہلاک کر دیا، علاقے میں سرچ آپریشن جاری ہے۔ سیکیورٹی فورسز نے خفیہ اطلاعات پر کارروائی کرتے ہوئے 23 دہشتگردوں کو ہلاک کر دیا، علاقے میں سرچ آپریشن جاری ہے۔ سیکیورٹی فورسز نے خفیہ اطلاعات پر کارروائی کرتے ہوئے 23 دہشتگردوں کو ہلاک کر دیا، علاقے میں سرچ آپریشن جاری ہے۔ سیکیورٹی فورسز نے خفیہ اطلاعات پر کارروائی کرتے ہوئے 23 دہشتگردوں کو ہلاک کر دیا، علاقے میں سرچ آپریشن جاری ہے۔ سیکیورٹی فورسز نے خفیہ اطلاعات پر کارروائی کرتے ہوئے 23 دہشتگردوں کو ہلاک کر دیا، علاقے میں سرچ آپریشن جاری ہے۔ سیکیورٹی فورسز نے خفیہ اطلاعات پر کارروائی کرتے ہوئے 23 دہشتگردوں کو ہلاک کر دیا، علاقے میں سرچ آپریشن جاری ہے۔
29
بقیہ
فری ٹریڈ
پاکستان اور خلیجی ممالک کے درمیان آزاد تجارتی معاہدے پر مذاکرات کا نیا دور شروع ہو گیا ہے۔ پاکستان اور خلیجی ممالک کے درمیان آزاد تجارتی معاہدے پر مذاکرات کا نیا دور شروع ہو گیا ہے۔ پاکستان اور خلیجی ممالک کے درمیان آزاد تجارتی معاہدے پر مذاکرات کا نیا دور شروع ہو گیا ہے۔ پاکستان اور خلیجی ممالک کے درمیان آزاد تجارتی معاہدے پر مذاکرات کا نیا دور شروع ہو گیا ہے۔ پاکستان اور خلیجی ممالک کے درمیان آزاد تجارتی معاہدے پر مذاکرات کا نیا دور شروع ہو گیا ہے۔ پاکستان اور خلیجی ممالک کے درمیان آزاد تجارتی معاہدے پر مذاکرات کا نیا دور شروع ہو گیا ہے۔ پاکستان اور خلیجی ممالک کے درمیان آزاد تجارتی معاہدے پر مذاکرات کا نیا دور شروع ہو گیا ہے۔ پاکستان اور خلیجی ممالک کے درمیان آزاد تجارتی معاہدے پر مذاکرات کا نیا دور شروع ہو گیا ہے۔ پاکستان اور خلیجی ممالک کے درمیان آزاد تجارتی معاہدے پر مذاکرات کا نیا دور شروع ہو گیا ہے۔
30
بقیہ
مراد شاہ
وزیراعلیٰ سندھ نے کراچی میں ترقیاتی منصوبوں کا افتتاح کیا اور کہا کہ شہر کے مسائل حل کریں گے۔ وزیراعلیٰ سندھ نے کراچی میں ترقیاتی منصوبوں کا افتتاح کیا اور کہا کہ شہر کے مسائل حل کریں گے۔ وزیراعلیٰ سندھ نے کراچی میں ترقیاتی منصوبوں کا افتتاح کیا اور کہا کہ شہر کے مسائل حل کریں گے۔ وزیراعلیٰ سندھ نے کراچی میں ترقیاتی منصوبوں کا افتتاح کیا اور کہا کہ شہر کے مسائل حل کریں گے۔ وزیراعلیٰ سندھ نے کراچی میں ترقیاتی منصوبوں کا افتتاح کیا اور کہا کہ شہر کے مسائل حل کریں گے۔ وزیراعلیٰ سندھ نے کراچی میں ترقیاتی منصوبوں کا افتتاح کیا اور کہا کہ شہر کے مسائل حل کریں گے۔ وزیراعلیٰ سندھ نے کراچی میں ترقیاتی منصوبوں کا افتتاح کیا اور کہا کہ شہر کے مسائل حل کریں گے۔ وزیراعلیٰ سندھ نے کراچی میں ترقیاتی منصوبوں کا افتتاح کیا اور کہا کہ شہر کے مسائل حل کریں گے۔ وزیراعلیٰ سندھ نے کراچی میں ترقیاتی منصوبوں کا افتتاح کیا اور کہا کہ شہر کے مسائل حل کریں گے۔
31
بقیہ
ایران
ایرانی وزیر خارجہ نے کہا کہ خطے میں کشیدگی کم کرنے کیلئے پاکستان کا کردار اہم ہے، 1343 ملین ڈالر کا تجارتی حجم ہے۔ ایرانی وزیر خارجہ نے کہا کہ خطے میں کشیدگی کم کرنے کیلئے پاکستان کا کردار اہم ہے، 1343 ملین ڈالر کا تجارتی حجم ہے۔ ایرانی وزیر خارجہ نے کہا کہ خطے میں کشیدگی کم کرنے کیلئے پاکستان کا کردار اہم ہے، 1343 ملین ڈالر کا تجارتی حجم ہے۔ ایرانی وزیر خارجہ نے کہا کہ خطے میں کشیدگی کم کرنے کیلئے پاکستان کا کردار اہم ہے، 1343 ملین ڈالر کا تجارتی حجم ہے۔ ایرانی وزیر خارجہ نے کہا کہ خطے میں کشیدگی کم کرنے کیلئے پاکستان کا کردار اہم ہے، 1343 ملین ڈالر کا تجارتی حجم ہے۔ ایرانی وزیر خارجہ نے کہا کہ خطے میں کشیدگی کم کرنے کیلئے پاکستان کا کردار اہم ہے، 1343 ملین ڈالر کا تجارتی حجم ہے۔ ایرانی وزیر خارجہ نے کہا کہ خطے میں کشیدگی کم کرنے کیلئے پاکستان کا کردار اہم ہے، 1343 ملین ڈالر کا تجارتی حجم ہے۔ ایرانی وزیر خارجہ نے کہا کہ خطے میں کشیدگی کم کرنے کیلئے پاکستان کا کردار اہم ہے، 1343 ملین ڈالر کا تجارتی حجم ہے۔ ایرانی وزیر خارجہ نے کہا کہ خطے میں کشیدگی کم کرنے کیلئے پاکستان کا کردار اہم ہے، 1343 ملین ڈالر کا تجارتی حجم ہے۔
ملاقات میں دو طرفہ تعلقات اور باہمی دلچسپی کے امور پر تبادلہ خیال کیا گیا، 2025-26 کے ترقیاتی بجٹ پر بھی غور ہوا۔ ملاقات میں دو طرفہ تعلقات اور باہمی دلچسپی کے امور پر تبادلہ خیال کیا گیا، 2025-26 کے ترقیاتی بجٹ پر بھی غور ہوا۔ ملاقات میں دو طرفہ تعلقات اور باہمی دلچسپی کے امور پر تبادلہ خیال کیا گیا، 2025-26 کے ترقیاتی بجٹ پر بھی غور ہوا۔ ملاقات میں دو طرفہ تعلقات اور باہمی دلچسپی کے امور پر تبادلہ خیال کیا گیا، 2025-26 کے ترقیاتی بجٹ پر بھی غور ہوا۔ ملاقات میں دو طرفہ تعلقات اور باہمی دلچسپی کے امور پر تبادلہ خیال کیا گیا، 2025-26 کے ترقیاتی بجٹ پر بھی غور ہوا۔ ملاقات میں دو طرفہ تعلقات اور باہمی دلچسپی کے امور پر تبادلہ خیال کیا گیا، 2025-26 کے ترقیاتی بجٹ پر بھی غور ہوا۔ ملاقات میں دو طرفہ تعلقات اور باہمی دلچسپی کے امور پر تبادلہ خیال کیا گیا، 2025-26 کے ترقیاتی بجٹ پر بھی غور ہوا۔ ملاقات میں دو طرفہ تعلقات اور باہمی دلچسپی کے امور پر تبادلہ خیال کیا گیا، 2025-26 کے ترقیاتی بجٹ پر بھی غور ہوا۔ ملاقات میں دو طرفہ تعلقات اور باہمی دلچسپی کے امور پر تبادلہ خیال کیا گیا، 2025-26 کے ترقیاتی بجٹ پر بھی غور ہوا۔ ملاقات میں دو طرفہ تعلقات اور باہمی دلچسپی کے امور پر تبادلہ خیال کیا گیا، 2025-26 کے ترقیاتی بجٹ پر بھی غور ہوا۔ ملاقات میں دو طرفہ تعلقات اور باہمی دلچسپی کے امور پر تبادلہ خیال کیا گیا، 2025-26 کے ترقیاتی بجٹ پر بھی غور ہوا۔
32
بقیہ
پاپ الائنسٹ
عالمی مذہبی رہنما نے بین المذاہب ہم آہنگی پر زور دیا اور امن کیلئے مشترکہ کوششوں کی اپیل کی۔ عالمی مذہبی رہنما نے بین المذاہب ہم آہنگی پر زور دیا اور امن کیلئے مشترکہ کوششوں کی اپیل کی۔ عالمی مذہبی رہنما نے بین المذاہب ہم آہنگی پر زور دیا اور امن کیلئے مشترکہ کوششوں کی اپیل کی۔ عالمی مذہبی رہنما نے بین المذاہب ہم آہنگی پر زور دیا اور امن کیلئے مشترکہ کوششوں کی اپیل کی۔ عالمی مذہبی رہنما نے بین المذاہب ہم آہنگی پر زور دیا اور امن کیلئے مشترکہ کوششوں کی اپیل کی۔ عالمی مذہبی رہنما نے بین المذاہب ہم آہنگی پر زور دیا اور امن کیلئے مشترکہ کوششوں کی اپیل کی۔ عالمی مذہبی رہنما نے بین المذاہب ہم آہنگی پر زور دیا اور امن کیلئے مشترکہ کوششوں کی اپیل کی۔ عالمی مذہبی رہنما نے بین المذاہب ہم آہنگی پر زور دیا اور امن کیلئے مشترکہ کوششوں کی اپیل کی۔ عالمی مذہبی رہنما نے بین المذاہب ہم آہنگی پر زور دیا اور امن کیلئے مشترکہ کوششوں کی اپیل کی۔ عالمی مذہبی رہنما نے بین المذاہب ہم آہنگی پر زور دیا اور امن کیلئے مشترکہ کوششوں کی اپیل کی۔ عالمی مذہبی رہنما نے بین المذاہب ہم آہنگی پر زور دیا اور امن کیلئے مشترکہ کوششوں کی اپیل کی۔
33
بقیہ
مصر کرنٹ
مصر میں ہونے والی کانفرنس میں پاکستان کے وفد نے شرکت کی اور علاقائی تعاون پر بات چیت ہوئی۔ مصر میں ہونے والی کانفرنس میں پاکستان کے وفد نے شرکت کی اور علاقائی تعاون پر بات چیت ہوئی۔ مصر میں ہونے والی کانفرنس میں پاکستان کے وفد نے شرکت کی اور علاقائی تعاون پر بات چیت ہوئی۔ مصر میں ہونے والی کانفرنس میں پاکستان کے وفد نے شرکت کی اور علاقائی تعاون پر بات چیت ہوئی۔ مصر میں ہونے والی کانفرنس میں پاکستان کے وفد نے شرکت کی اور علاقائی تعاون پر بات چیت ہوئی۔ مصر میں ہونے والی کانفرنس میں پاکستان کے وفد نے شرکت کی اور علاقائی تعاون پر بات چیت ہوئی۔ مصر میں ہونے والی کانفرنس میں پاکستان کے وفد نے شرکت کی اور علاقائی تعاون پر بات چیت ہوئی۔ مصر میں ہونے والی کانفرنس میں پاکستان کے وفد نے شرکت کی اور علاقائی تعاون پر بات چیت ہوئی۔ مصر میں ہونے والی کانفرنس میں پاکستان کے وفد نے شرکت کی اور علاقائی تعاون پر بات چیت ہوئی۔ مصر میں ہونے والی کانفرنس میں پاکستان کے وفد نے شرکت کی اور علاقائی تعاون پر بات چیت ہوئی۔ مصر میں ہونے والی کانفرنس میں پاکستان کے وفد نے شرکت کی اور علاقائی تعاون پر بات چیت ہوئی۔
34
بقیہ
عظمیٰ بخاری
صوبائی وزیر اطلاعات نے کہا کہ پنجاب حکومت عوامی خدمت کے ایجنڈے پر عمل پیرا ہے۔ صوبائی وزیر اطلاعات نے کہا کہ پنجاب حکومت عوامی خدمت کے ایجنڈے پر عمل پیرا ہے۔ صوبائی وزیر اطلاعات نے کہا کہ پنجاب حکومت عوامی خدمت کے ایجنڈے پر عمل پیرا ہے۔ صوبائی وزیر اطلاعات نے کہا کہ پنجاب حکومت عوامی خدمت کے ایجنڈے پر عمل پیرا ہے۔ صوبائی وزیر اطلاعات نے کہا کہ پنجاب حکومت عوامی خدمت کے ایجنڈے پر عمل پیرا ہے۔ صوبائی وزیر اطلاعات نے کہا کہ پنجاب حکومت عوامی خدمت کے ایجنڈے پر عمل پیرا ہے۔ صوبائی وزیر اطلاعات نے کہا کہ پنجاب حکومت عوامی خدمت کے ایجنڈے پر عمل پیرا ہے۔ صوبائی وزیر اطلاعات نے کہا کہ پنجاب حکومت عوامی خدمت کے ایجنڈے پر عمل پیرا ہے۔ صوبائی وزیر اطلاعات نے کہا کہ پنجاب حکومت عوامی خدمت کے ایجنڈے پر عمل پیرا ہے۔ صوبائی وزیر اطلاعات نے کہا کہ پنجاب حکومت عوامی خدمت کے ایجنڈے پر عمل پیرا ہے۔ صوبائی وزیر اطلاعات نے کہا کہ پنجاب حکومت عوامی خدمت کے ایجنڈے پر عمل پیرا ہے۔
35
بقیہ
شہبہجت
عدالت نے کیس کی سماعت ملتوی کرتے ہوئے فریقین کو آئندہ تاریخ پر دلائل دینے کی ہدایت کی۔ عدالت نے کیس کی سماعت ملتوی کرتے ہوئے فریقین کو آئندہ تاریخ پر دلائل دینے کی ہدایت کی۔ عدالت نے کیس کی سماعت ملتوی کرتے ہوئے فریقین کو آئندہ تاریخ پر دلائل دینے کی ہدایت کی۔ عدالت نے کیس کی سماعت ملتوی کرتے ہوئے فریقین کو آئندہ تاریخ پر دلائل دینے کی ہدایت کی۔ عدالت نے کیس کی سماعت ملتوی کرتے ہوئے فریقین کو آئندہ تاریخ پر دلائل دینے کی ہدایت کی۔ عدالت نے کیس کی سماعت ملتوی کرتے ہوئے فریقین کو آئندہ تاریخ پر دلائل دینے کی ہدایت کی۔ عدالت نے کیس کی سماعت ملتوی کرتے ہوئے فریقین کو آئندہ تاریخ پر دلائل دینے کی ہدایت کی۔ عدالت نے کیس کی سماعت ملتوی کرتے ہوئے فریقین کو آئندہ تاریخ پر دلائل دینے کی ہدایت کی۔ عدالت نے کیس کی سماعت ملتوی کرتے ہوئے فریقین کو آئندہ تاریخ پر دلائل دینے کی ہدایت کی۔ عدالت نے کیس کی سماعت ملتوی کرتے ہوئے فریقین کو آئندہ تاریخ پر دلائل دینے کی ہدایت کی۔ عدالت نے کیس کی سماعت ملتوی کرتے ہوئے فریقین کو آئندہ تاریخ پر دلائل دینے کی ہدایت کی۔
36
بقیہ
ایرانی ایندھن
سرحدی علاقوں میں ایرانی تیل کی اسمگلنگ کے خلاف کریک ڈاؤن جاری ہے، 10 ہزار لیٹر تیل ضبط۔ سرحدی علاقوں میں ایرانی تیل کی اسمگلنگ کے خلاف کریک ڈاؤن جاری ہے، 10 ہزار لیٹر تیل ضبط۔ سرحدی علاقوں میں ایرانی تیل کی اسمگلنگ کے خلاف کریک ڈاؤن جاری ہے، 10 ہزار لیٹر تیل ضبط۔ سرحدی علاقوں میں ایرانی تیل کی اسمگلنگ کے خلاف کریک ڈاؤن جاری ہے، 10 ہزار لیٹر تیل ضبط۔ سرحدی علاقوں میں ایرانی تیل کی اسمگلنگ کے خلاف کریک ڈاؤن جاری ہے، 10 ہزار لیٹر تیل ضبط۔ سرحدی علاقوں میں ایرانی تیل کی اسمگلنگ کے خلاف کریک ڈاؤن جاری ہے، 10 ہزار لیٹر تیل ضبط۔ سرحدی علاقوں میں ایرانی تیل کی اسمگلنگ کے خلاف کریک ڈاؤن جاری ہے، 10 ہزار لیٹر تیل ضبط۔ سرحدی علاقوں میں ایرانی تیل کی اسمگلنگ کے خلاف کریک ڈاؤن جاری ہے، 10 ہزار لیٹر تیل ضبط۔ سرحدی علاقوں میں ایرانی تیل کی اسمگلنگ کے خلاف کریک ڈاؤن جاری ہے، 10 ہزار لیٹر تیل ضبط۔ سرحدی علاقوں میں ایرانی تیل کی اسمگلنگ کے خلاف کریک ڈاؤن جاری ہے، 10 ہزار لیٹر تیل ضبط۔ سرحدی علاقوں میں ایرانی تیل کی اسمگلنگ کے خلاف کریک ڈاؤن جاری ہے، 10 ہزار لیٹر تیل ضبط۔
روپے ہے۔ 1 کروڑ روپے کی لاگت سے تیار ہونے والے منصوبے کا افتتاح کیا گیا، پاکستان روپیہ کی قدر 725 ریال فی تولہ رہی۔ سونے کی فی تولہ قیمت میں 1,000 روپے کا اضافہ ہوا۔ روپے ہے۔ 1 کروڑ روپے کی لاگت سے تیار ہونے والے منصوبے کا افتتاح کیا گیا، پاکستان روپیہ کی قدر 725 ریال فی تولہ رہی۔ سونے کی فی تولہ قیمت میں 1,000 روپے کا اضافہ ہوا۔ روپے ہے۔ 1 کروڑ روپے کی لاگت سے تیار ہونے والے منصوبے کا افتتاح کیا گیا، پاکستان روپیہ کی قدر 725 ریال فی تولہ رہی۔ سونے کی فی تولہ قیمت میں 1,000 روپے کا اضافہ ہوا۔ روپے ہے۔ 1 کروڑ روپے کی لاگت سے تیار ہونے والے منصوبے کا افتتاح کیا گیا، پاکستان روپیہ کی قدر 725 ریال فی تولہ رہی۔ سونے کی فی تولہ قیمت میں 1,000 روپے کا اضافہ ہوا۔ روپے ہے۔ 1 کروڑ روپے کی لاگت سے تیار ہونے والے منصوبے کا افتتاح کیا گیا، پاکستان روپیہ کی قدر 725 ریال فی تولہ رہی۔ سونے کی فی تولہ قیمت میں 1,000 روپے کا اضافہ ہوا۔ روپے ہے۔ 1 کروڑ روپے کی لاگت سے تیار ہونے والے منصوبے کا افتتاح کیا گیا، پاکستان روپیہ کی قدر 725 ریال فی تولہ رہی۔ سونے کی فی تولہ قیمت میں 1,000 روپے کا اضافہ ہوا۔ روپے ہے۔ 1 کروڑ روپے کی لاگت سے تیار ہونے والے منصوبے کا افتتاح کیا گیا، پاکستان روپیہ کی قدر 725 ریال فی تولہ رہی۔ سونے کی فی تولہ قیمت میں 1,000 روپے کا اضافہ ہوا۔ روپے ہے۔ 1 کروڑ روپے کی لاگت سے تیار ہونے والے منصوبے کا افتتاح کیا گیا، پاکستان روپیہ کی قدر 725 ریال فی تولہ رہی۔ سونے کی فی تولہ قیمت میں 1,000 روپے کا اضافہ ہوا۔ روپے ہے۔ 1 کروڑ روپے کی لاگت سے تیار ہونے والے منصوبے کا افتتاح کیا گیا، پاکستان روپیہ کی قدر 725 ریال فی تولہ رہی۔ سونے کی فی تولہ قیمت میں 1,000 روپے کا اضافہ ہوا۔ روپے ہے۔ 1 کروڑ روپے کی لاگت سے تیار ہونے والے منصوبے کا افتتاح کیا گیا، پاکستان روپیہ کی قدر 725 ریال فی تولہ رہی۔ سونے کی فی تولہ قیمت میں 1,000 روپے کا اضافہ ہوا۔
37
بقیہ
سرائیکی جلسہ
ملتان میں ہونے والے جلسے میں ہزاروں افراد نے شرکت کی، رہنماؤں نے صوبے کے قیام کا مطالبہ دہرایا۔ ملتان میں ہونے والے جلسے میں ہزاروں افراد نے شرکت کی، رہنماؤں نے صوبے کے قیام کا مطالبہ دہرایا۔ ملتان میں ہونے والے جلسے میں ہزاروں افراد نے شرکت کی، رہنماؤں نے صوبے کے قیام کا مطالبہ دہرایا۔ ملتان میں ہونے والے جلسے میں ہزاروں افراد نے شرکت کی، رہنماؤں نے صوبے کے قیام کا مطالبہ دہرایا۔ ملتان میں ہونے والے جلسے میں ہزاروں افراد نے شرکت کی، رہنماؤں نے صوبے کے قیام کا مطالبہ دہرایا۔ ملتان میں ہونے والے جلسے میں ہزاروں افراد نے شرکت کی، رہنماؤں نے صوبے کے قیام کا مطالبہ دہرایا۔ ملتان میں ہونے والے جلسے میں ہزاروں افراد نے شرکت کی، رہنماؤں نے صوبے کے قیام کا مطالبہ دہرایا۔ ملتان میں ہونے والے جلسے میں ہزاروں افراد نے شرکت کی، رہنماؤں نے صوبے کے قیام کا مطالبہ دہرایا۔ ملتان میں ہونے والے جلسے میں ہزاروں افراد نے شرکت کی، رہنماؤں نے صوبے کے قیام کا مطالبہ دہرایا۔ ملتان میں ہونے والے جلسے میں ہزاروں افراد نے شرکت کی، رہنماؤں نے صوبے کے قیام کا مطالبہ دہرایا۔
38
بقیہ
فیصل رفیق
نے کہا کہ کھیلوں کے فروغ کیلئے نئی پالیسی لائی جا رہی ہے، 36 کھلاڑیوں کو وظائف دیے جائیں گے۔ ERRAS&SERRA نے کہا کہ کھیلوں کے فروغ کیلئے نئی پالیسی لائی جا رہی ہے، 36 کھلاڑیوں کو وظائف دیے جائیں گے۔ ERRAS&SERRA نے کہا کہ کھیلوں کے فروغ کیلئے نئی پالیسی لائی جا رہی ہے، 36 کھلاڑیوں کو وظائف دیے جائیں گے۔ ERRAS&SERRA نے کہا کہ کھیلوں کے فروغ کیلئے نئی پالیسی لائی جا رہی ہے، 36 کھلاڑیوں کو وظائف دیے جائیں گے۔ ERRAS&SERRA نے کہا کہ کھیلوں کے فروغ کیلئے نئی پالیسی لائی جا رہی ہے، 36 کھلاڑیوں کو وظائف دیے جائیں گے۔ ERRAS&SERRA نے کہا کہ کھیلوں کے فروغ کیلئے نئی پالیسی لائی جا رہی ہے، 36 کھلاڑیوں کو وظائف دیے جائیں گے۔ ERRAS&SERRA نے کہا کہ کھیلوں کے فروغ کیلئے نئی پالیسی لائی جا رہی ہے، 36 کھلاڑیوں کو وظائف دیے جائیں گے۔ ERRAS&SERRA نے کہا کہ کھیلوں کے فروغ کیلئے نئی پالیسی لائی جا رہی ہے، 36 کھلاڑیوں کو وظائف دیے جائیں گے۔ ERRAS&SERRA نے کہا کہ کھیلوں کے فروغ کیلئے نئی پالیسی لائی جا رہی ہے، 36 کھلاڑیوں کو وظائف دیے جائیں گے۔ ERRAS&SERRA نے کہا کہ کھیلوں کے فروغ کیلئے نئی پالیسی لائی جا رہی ہے، 36 کھلاڑیوں کو وظائف دیے جائیں گے۔ ERRAS&SERRA
39
بقیہ
عطاء محمد قصوری
نے اجلاس میں شرکت کی اور تعلیمی اداروں کی بہتری کیلئے تجاویز پیش کیں۔ نے اجلاس میں شرکت کی اور تعلیمی اداروں کی بہتری کیلئے تجاویز پیش کیں۔ نے اجلاس میں شرکت کی اور تعلیمی اداروں کی بہتری کیلئے تجاویز پیش کیں۔ نے اجلاس میں شرکت کی اور تعلیمی اداروں کی بہتری کیلئے تجاویز پیش کیں۔ نے اجلاس میں شرکت کی اور تعلیمی اداروں کی بہتری کیلئے تجاویز پیش کیں۔ نے اجلاس میں شرکت کی اور تعلیمی اداروں کی بہتری کیلئے تجاویز پیش کیں۔ نے اجلاس میں شرکت کی اور تعلیمی اداروں کی بہتری کیلئے تجاویز پیش کیں۔ نے اجلاس میں شرکت کی اور تعلیمی اداروں کی بہتری کیلئے تجاویز پیش کیں۔ نے اجلاس میں شرکت کی اور تعلیمی اداروں کی بہتری کیلئے تجاویز پیش کیں۔ نے اجلاس میں شرکت کی اور تعلیمی اداروں کی بہتری کیلئے تجاویز پیش کیں۔
40
بقیہ
شکیل تنولی
نے کہا کہ بلدیاتی انتخابات جلد کرائے جائیں تاکہ عوامی مسائل نچلی سطح پر حل ہوں۔ نے کہا کہ بلدیاتی انتخابات جلد کرائے جائیں تاکہ عوامی مسائل نچلی سطح پر حل ہوں۔ نے کہا کہ بلدیاتی انتخابات جلد کرائے جائیں تاکہ عوامی مسائل نچلی سطح پر حل ہوں۔ نے کہا کہ بلدیاتی انتخابات جلد کرائے جائیں تاکہ عوامی مسائل نچلی سطح پر حل ہوں۔ نے کہا کہ بلدیاتی انتخابات جلد کرائے جائیں تاکہ عوامی مسائل نچلی سطح پر حل ہوں۔ نے کہا کہ بلدیاتی انتخابات جلد کرائے جائیں تاکہ عوامی مسائل نچلی سطح پر حل ہوں۔ نے کہا کہ بلدیاتی انتخابات جلد کرائے جائیں تاکہ عوامی مسائل نچلی سطح پر حل ہوں۔ نے کہا کہ بلدیاتی انتخابات جلد کرائے جائیں تاکہ عوامی مسائل نچلی سطح پر حل ہوں۔ نے کہا کہ بلدیاتی انتخابات جلد کرائے جائیں تاکہ عوامی مسائل نچلی سطح پر حل ہوں۔ نے کہا کہ بلدیاتی انتخابات جلد کرائے جائیں تاکہ عوامی مسائل نچلی سطح پر حل ہوں۔
41
بقیہ
اجازت
حکومت نے نئے منصوبوں کی اجازت دے دی ہے، 2,110 کروڑ روپے کی لاگت آئے گی، 8,000 اور 10,000 روپے کے بانڈز کی قرعہ اندازی ہوگی۔ حکومت نے نئے منصوبوں کی اجازت دے دی ہے، 2,110 کروڑ روپے کی لاگت آئے گی، 8,000 اور 10,000 روپے کے بانڈز کی قرعہ اندازی ہوگی۔ حکومت نے نئے منصوبوں کی اجازت دے دی ہے، 2,110 کروڑ روپے کی لاگت آئے گی، 8,000 اور 10,000 روپے کے بانڈز کی قرعہ اندازی ہوگی۔ حکومت نے نئے منصوبوں کی اجازت دے دی ہے، 2,110 کروڑ روپے کی لاگت آئے گی، 8,000 اور 10,000 روپے کے بانڈز کی قرعہ اندازی ہوگی۔ حکومت نے نئے منصوبوں کی اجازت دے دی ہے، 2,110 کروڑ روپے کی لاگت آئے گی، 8,000 اور 10,000 روپے کے بانڈز کی قرعہ اندازی ہوگی۔ حکومت نے نئے منصوبوں کی اجازت دے دی ہے، 2,110 کروڑ روپے کی لاگت آئے گی، 8,000 اور 10,000 روپے کے بانڈز کی قرعہ اندازی ہوگی۔ حکومت نے نئے منصوبوں کی اجازت دے دی ہے، 2,110 کروڑ روپے کی لاگت آئے گی، 8,000 اور 10,000 روپے کے بانڈز کی قرعہ اندازی ہوگی۔ حکومت نے نئے منصوبوں کی اجازت دے دی ہے، 2,110 کروڑ روپے کی لاگت آئے گی، 8,000 اور 10,000 روپے کے بانڈز کی قرعہ اندازی ہوگی۔ حکومت نے نئے منصوبوں کی اجازت دے دی ہے، 2,110 کروڑ روپے کی لاگت آئے گی، 8,000 اور 10,000 روپے کے بانڈز کی قرعہ اندازی ہوگی۔ حکومت نے نئے منصوبوں کی اجازت دے دی ہے، 2,110 کروڑ روپے کی لاگت آئے گی، 8,000 اور 10,000 روپے کے بانڈز کی قرعہ اندازی ہوگی۔
بینک کے اعداد و شمار کے مطابق ترسیلات زر میں اضافہ ہوا ہے، سمندر پار پاکستانیوں نے گزشتہ ماہ ریکارڈ رقم بھیجی۔ ماہرین کا کہنا ہے کہ معیشت استحکام کی جانب گامزن ہے اور برآمدات میں بھی اضافہ دیکھا گیا ہے۔ 3 ماہ کے دوران کرنٹ اکاؤنٹ سرپلس رہا۔ بینک کے اعداد و شمار کے مطابق ترسیلات زر میں اضافہ ہوا ہے، سمندر پار پاکستانیوں نے گزشتہ ماہ ریکارڈ رقم بھیجی۔ ماہرین کا کہنا ہے کہ معیشت استحکام کی جانب گامزن ہے اور برآمدات میں بھی اضافہ دیکھا گیا ہے۔ 3 ماہ کے دوران کرنٹ اکاؤنٹ سرپلس رہا۔ بینک کے اعداد و شمار کے مطابق ترسیلات زر میں اضافہ ہوا ہے، سمندر پار پاکستانیوں نے گزشتہ ماہ ریکارڈ رقم بھیجی۔ ماہرین کا کہنا ہے کہ معیشت استحکام کی جانب گامزن ہے اور برآمدات میں بھی اضافہ دیکھا گیا ہے۔ 3 ماہ کے دوران کرنٹ اکاؤنٹ سرپلس رہا۔ بینک کے اعداد و شمار کے مطابق ترسیلات زر میں اضافہ ہوا ہے، سمندر پار پاکستانیوں نے گزشتہ ماہ ریکارڈ رقم بھیجی۔ ماہرین کا کہنا ہے کہ معیشت استحکام کی جانب گامزن ہے اور برآمدات میں بھی اضافہ دیکھا گیا ہے۔ 3 ماہ کے دوران کرنٹ اکاؤنٹ سرپلس رہا۔ بینک کے اعداد و شمار کے مطابق ترسیلات زر میں اضافہ ہوا ہے، سمندر پار پاکستانیوں نے گزشتہ ماہ ریکارڈ رقم بھیجی۔ ماہرین کا کہنا ہے کہ معیشت استحکام کی جانب گامزن ہے اور برآمدات میں بھی اضافہ دیکھا گیا ہے۔ 3 ماہ کے دوران کرنٹ اکاؤنٹ سرپلس رہا۔ بینک کے اعداد و شمار کے مطابق ترسیلات زر میں اضافہ ہوا ہے، سمندر پار پاکستانیوں نے گزشتہ ماہ ریکارڈ رقم بھیجی۔ ماہرین کا کہنا ہے کہ معیشت استحکام کی جانب گامزن ہے اور برآمدات میں بھی اضافہ دیکھا گیا ہے۔ 3 ماہ کے دوران کرنٹ اکاؤنٹ سرپلس رہا۔ بینک کے اعداد و شمار کے مطابق ترسیلات زر میں اضافہ ہوا ہے، سمندر پار پاکستانیوں نے گزشتہ ماہ ریکارڈ رقم بھیجی۔ ماہرین کا کہنا ہے کہ معیشت استحکام کی جانب گامزن ہے اور برآمدات میں بھی اضافہ دیکھا گیا ہے۔ 3 ماہ کے دوران کرنٹ اکاؤنٹ سرپلس رہا۔ بینک کے اعداد و شمار کے مطابق ترسیلات زر میں اضافہ ہوا ہے، سمندر پار پاکستانیوں نے گزشتہ ماہ ریکارڈ رقم بھیجی۔ ماہرین کا کہنا ہے کہ معیشت استحکام کی جانب گامزن ہے اور برآمدات میں بھی اضافہ دیکھا گیا ہے۔ 3 ماہ کے دوران کرنٹ اکاؤنٹ سرپلس رہا۔ بینک کے اعداد و شمار کے مطابق ترسیلات زر میں اضافہ ہوا ہے، سمندر پار پاکستانیوں نے گزشتہ ماہ ریکارڈ رقم بھیجی۔ ماہرین کا کہنا ہے کہ معیشت استحکام کی جانب گامزن ہے اور برآمدات میں بھی اضافہ دیکھا گیا ہے۔ 3 ماہ کے دوران کرنٹ اکاؤنٹ سرپلس رہا۔ بینک کے اعداد و شمار کے مطابق ترسیلات زر میں اضافہ ہوا ہے، سمندر پار پاکستانیوں نے گزشتہ ماہ ریکارڈ رقم بھیجی۔ ماہرین کا کہنا ہے کہ معیشت استحکام کی جانب گامزن ہے اور برآمدات میں بھی اضافہ دیکھا گیا ہے۔ 3 ماہ کے دوران کرنٹ اکاؤنٹ سرپلس رہا۔ بینک کے اعداد و شمار کے مطابق ترسیلات زر میں اضافہ ہوا ہے، سمندر پار پاکستانیوں نے گزشتہ ماہ ریکارڈ رقم بھیجی۔ ماہرین کا کہنا ہے کہ معیشت استحکام کی جانب گامزن ہے اور برآمدات میں بھی اضافہ دیکھا گیا ہے۔ 3 ماہ کے دوران کرنٹ اکاؤنٹ سرپلس رہا۔ بینک کے اعداد و شمار کے مطابق ترسیلات زر میں اضافہ ہوا ہے، سمندر پار پاکستانیوں نے گزشتہ ماہ ریکارڈ رقم بھیجی۔ ماہرین کا کہنا ہے کہ معیشت استحکام کی جانب گامزن ہے اور برآمدات میں بھی اضافہ دیکھا گیا ہے۔ 3 ماہ کے دوران کرنٹ اکاؤنٹ سرپلس رہا۔ بینک کے اعداد و شمار کے مطابق ترسیلات زر میں اضافہ ہوا ہے، سمندر پار پاکستانیوں نے گزشتہ ماہ ریکارڈ رقم بھیجی۔ ماہرین کا کہنا ہے کہ معیشت استحکام کی جانب گامزن ہے اور برآمدات میں بھی اضافہ دیکھا گیا ہے۔ 3 ماہ کے دوران کرنٹ اکاؤنٹ سرپلس رہا۔ بینک کے اعداد و شمار کے مطابق ترسیلات زر میں اضافہ ہوا ہے، سمندر پار پاکستانیوں نے گزشتہ ماہ ریکارڈ رقم بھیجی۔ ماہرین کا کہنا ہے کہ معیشت استحکام کی جانب گامزن ہے اور برآمدات میں بھی اضافہ دیکھا گیا ہے۔ 3 ماہ کے دوران کرنٹ اکاؤنٹ سرپلس رہا۔ بینک کے اعداد و شمار کے مطابق ترسیلات زر میں اضافہ ہوا ہے، سمندر پار پاکستانیوں نے گزشتہ ماہ ریکارڈ رقم بھیجی۔ ماہرین کا کہنا ہے کہ معیشت استحکام کی جانب گامزن ہے اور برآمدات میں بھی اضافہ دیکھا گیا ہے۔ 3 ماہ کے دوران کرنٹ اکاؤنٹ سرپلس رہا۔ بینک کے اعداد و شمار کے مطابق ترسیلات زر میں اضافہ ہوا ہے، سمندر پار پاکستانیوں نے گزشتہ ماہ ریکارڈ رقم بھیجی۔ ماہرین کا کہنا ہے کہ معیشت استحکام کی جانب گامزن ہے اور برآمدات میں بھی اضافہ دیکھا گیا ہے۔ 3 ماہ کے دوران کرنٹ اکاؤنٹ سرپلس رہا۔ بینک کے اعداد و شمار کے مطابق ترسیلات زر میں اضافہ ہوا ہے، سمندر پار پاکستانیوں نے گزشتہ ماہ ریکارڈ رقم بھیجی۔ ماہرین کا کہنا ہے کہ معیشت استحکام کی جانب گامزن ہے اور برآمدات میں بھی اضافہ دیکھا گیا ہے۔ 3 ماہ کے دوران کرنٹ اکاؤنٹ سرپلس رہا۔ بینک کے اعداد و شمار کے مطابق ترسیلات زر میں اضافہ ہوا ہے، سمندر پار پاکستانیوں نے گزشتہ ماہ ریکارڈ رقم بھیجی۔ ماہرین کا کہنا ہے کہ معیشت استحکام کی جانب گامزن ہے اور برآمدات میں بھی اضافہ دیکھا گیا ہے۔ 3 ماہ کے دوران کرنٹ اکاؤنٹ سرپلس رہا۔ بینک کے اعداد و شمار کے مطابق ترسیلات زر میں اضافہ ہوا ہے، سمندر پار پاکستانیوں نے گزشتہ ماہ ریکارڈ رقم بھیجی۔ ماہرین کا کہنا ہے کہ معیشت استحکام کی جانب گامزن ہے اور برآمدات میں بھی اضافہ دیکھا گیا ہے۔ 3 ماہ کے دوران کرنٹ اکاؤنٹ سرپلس رہا۔ بینک کے اعداد و شمار کے مطابق ترسیلات زر میں اضافہ ہوا ہے، سمندر پار پاکستانیوں نے گزشتہ ماہ ریکارڈ رقم بھیجی۔ ماہرین کا کہنا ہے کہ معیشت استحکام کی جانب گامزن ہے اور برآمدات میں بھی اضافہ دیکھا گیا ہے۔ 3 ماہ کے دوران کرنٹ اکاؤنٹ سرپلس رہا۔ بینک کے اعداد و شمار کے مطابق ترسیلات زر میں اضافہ ہوا ہے، سمندر پار پاکستانیوں نے گزشتہ ماہ ریکارڈ رقم بھیجی۔ ماہرین کا کہنا ہے کہ معیشت استحکام کی جانب گامزن ہے اور برآمدات میں بھی اضافہ دیکھا گیا ہے۔ 3 ماہ کے دوران کرنٹ اکاؤنٹ سرپلس رہا۔ بینک کے اعداد و شمار کے مطابق ترسیلات زر میں اضافہ ہوا ہے، سمندر پار پاکستانیوں نے گزشتہ ماہ ریکارڈ رقم بھیجی۔ ماہرین کا کہنا ہے کہ معیشت استحکام کی جانب گامزن ہے اور برآمدات میں بھی اضافہ دیکھا گیا ہے۔ 3 ماہ کے دوران کرنٹ اکاؤنٹ سرپلس رہا۔ بینک کے اعداد و شمار کے مطابق ترسیلات زر میں اضافہ ہوا ہے، سمندر پار پاکستانیوں نے گزشتہ ماہ ریکارڈ رقم بھیجی۔ ماہرین کا کہنا ہے کہ معیشت استحکام کی جانب گامزن ہے اور برآمدات میں بھی اضافہ دیکھا گیا ہے۔ 3 ماہ کے دوران کرنٹ اکاؤنٹ سرپلس رہا۔ بینک کے اعداد و شمار کے مطابق ترسیلات زر میں اضافہ ہوا ہے، سمندر پار پاکستانیوں نے گزشتہ ماہ ریکارڈ رقم بھیجی۔ ماہرین کا کہنا ہے کہ معیشت استحکام کی جانب گامزن ہے اور برآمدات میں بھی اضافہ دیکھا گیا ہے۔ 3 ماہ کے دوران کرنٹ اکاؤنٹ سرپلس رہا۔ بینک کے اعداد و شمار کے مطابق ترسیلات زر میں اضافہ ہوا ہے، سمندر پار پاکستانیوں نے گزشتہ ماہ ریکارڈ رقم بھیجی۔ ماہرین کا کہنا ہے کہ معیشت استحکام کی جانب گامزن ہے اور برآمدات میں بھی اضافہ دیکھا گیا ہے۔ 3 ماہ کے دوران کرنٹ اکاؤنٹ سرپلس رہا۔ بینک کے اعداد و شمار کے مطابق ترسیلات زر میں اضافہ ہوا ہے، سمندر پار پاکستانیوں نے گزشتہ ماہ ریکارڈ رقم بھیجی۔ ماہرین کا کہنا ہے کہ معیشت استحکام کی جانب گامزن ہے اور برآمدات میں بھی اضافہ دیکھا گیا ہے۔ 3 ماہ کے دوران کرنٹ اکاؤنٹ سرپلس رہا۔ بینک کے اعداد و شمار کے مطابق ترسیلات زر میں اضافہ ہوا ہے، سمندر پار پاکستانیوں نے گزشتہ ماہ ریکارڈ رقم بھیجی۔ ماہرین کا کہنا ہے کہ معیشت استحکام کی جانب گامزن ہے اور برآمدات میں بھی اضافہ دیکھا گیا ہے۔ 3 ماہ کے دوران کرنٹ اکاؤنٹ سرپلس رہا۔ بینک کے اعداد و شمار کے مطابق ترسیلات زر میں اضافہ ہوا ہے، سمندر پار پاکستانیوں نے گزشتہ ماہ ریکارڈ رقم بھیجی۔ ماہرین کا کہنا ہے کہ معیشت استحکام کی جانب گامزن ہے اور برآمدات میں بھی اضافہ دیکھا گیا ہے۔ 3 ماہ کے دوران کرنٹ اکاؤنٹ سرپلس رہا۔
